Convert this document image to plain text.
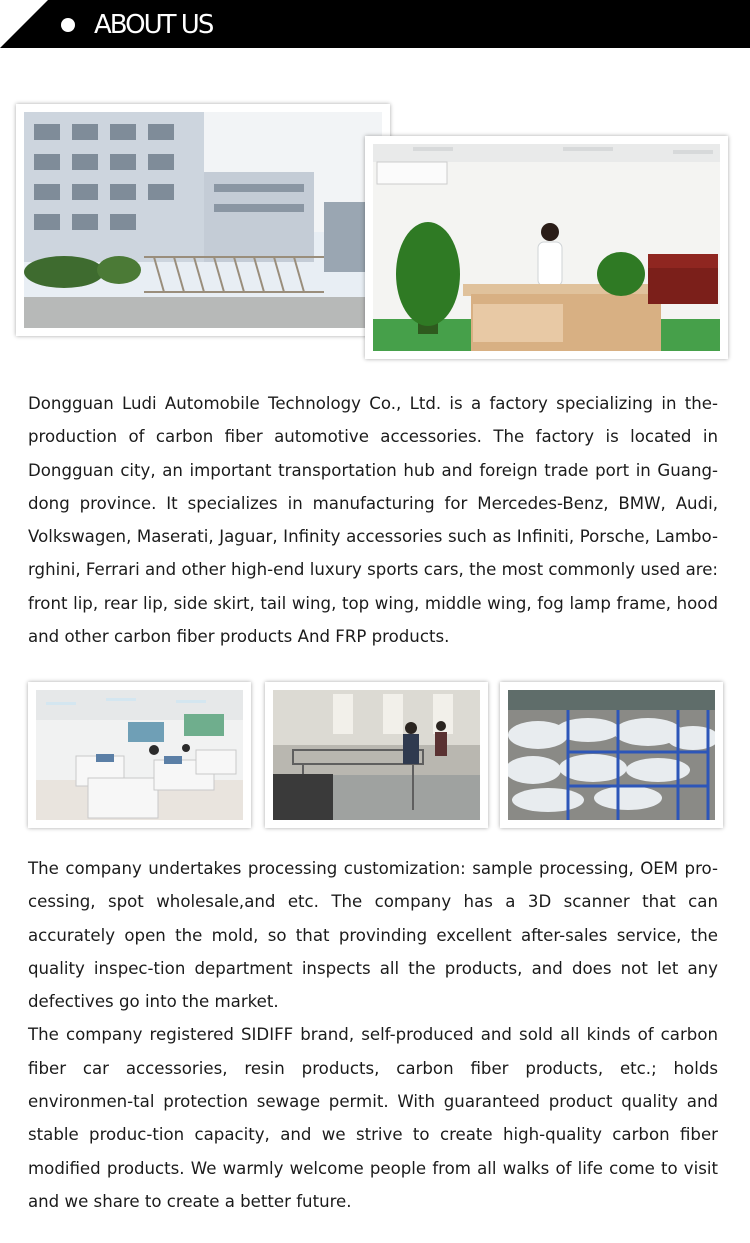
ABOUT US

Dongguan Ludi Automobile Technology Co., Ltd. is a factory specializing in the-production of carbon fiber automotive accessories. The factory is located in Dongguan city, an important transportation hub and foreign trade port in Guang-dong province. It specializes in manufacturing for Mercedes-Benz, BMW, Audi, Volkswagen, Maserati, Jaguar, Infinity accessories such as Infiniti, Porsche, Lambo-rghini, Ferrari and other high-end luxury sports cars, the most commonly used are: front lip, rear lip, side skirt, tail wing, top wing, middle wing, fog lamp frame, hood and other carbon fiber products And FRP products.

The company undertakes processing customization: sample processing, OEM pro-cessing, spot wholesale,and etc. The company has a 3D scanner that can accurately open the mold, so that provinding excellent after-sales service, the quality inspec-tion department inspects all the products, and does not let any defectives go into the market.

The company registered SIDIFF brand, self-produced and sold all kinds of carbon fiber car accessories, resin products, carbon fiber products, etc.; holds environmen-tal protection sewage permit. With guaranteed product quality and stable produc-tion capacity, and we strive to create high-quality carbon fiber modified products. We warmly welcome people from all walks of life come to visit and we share to create a better future.
